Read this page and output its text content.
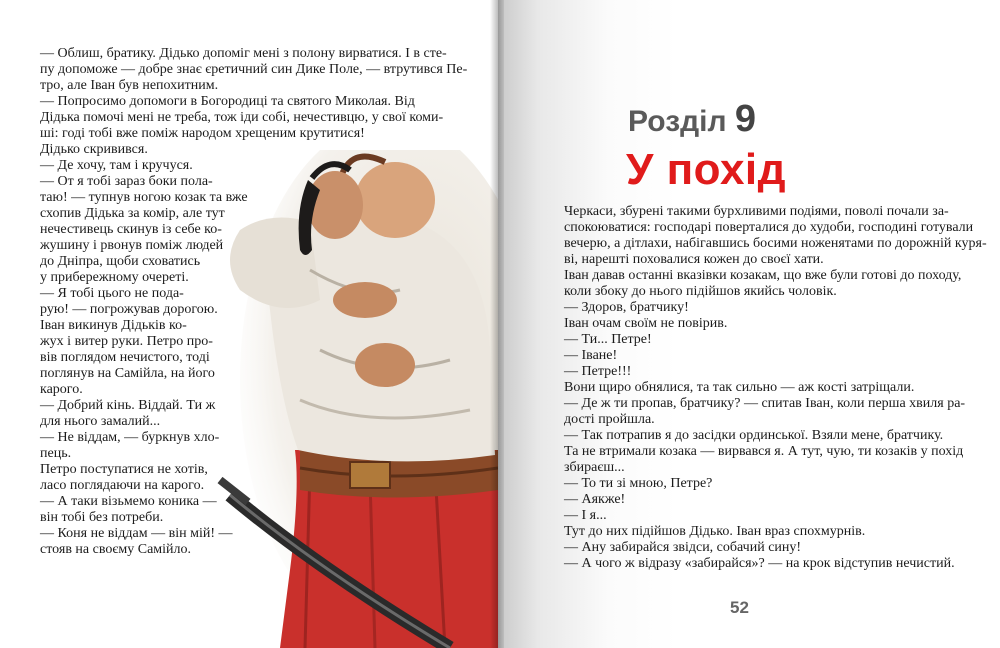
— Облиш, братику. Дідько допоміг мені з полону вирватися. І в сте-
пу допоможе — добре знає єретичний син Дике Поле, — втрутився Пе-
тро, але Іван був непохитним.
— Попросимо допомоги в Богородиці та святого Миколая. Від
Дідька помочі мені не треба, тож іди собі, нечестивцю, у свої коми-
ші: годі тобі вже поміж народом хрещеним крутитися!
Дідько скривився.
— Де хочу, там і кручуся.
— От я тобі зараз боки пола-
таю! — тупнув ногою козак та вже
схопив Дідька за комір, але тут
нечестивець скинув із себе ко-
жушину і рвонув поміж людей
до Дніпра, щоби сховатись
у прибережному очереті.
— Я тобі цього не пода-
рую! — погрожував дорогою.
Іван викинув Дідьків ко-
жух і витер руки. Петро про-
вів поглядом нечистого, тоді
поглянув на Самійла, на його
карого.
— Добрий кінь. Віддай. Ти ж
для нього замалий...
— Не віддам, — буркнув хло-
пець.
Петро поступатися не хотів,
ласо поглядаючи на карого.
— А таки візьмемо коника —
він тобі без потреби.
— Коня не віддам — він мій! —
стояв на своєму Самійло.
Розділ 9
У похід
Черкаси, збурені такими бурхливими подіями, поволі почали за-
спокоюватися: господарі поверталися до худоби, господині готували
вечерю, а дітлахи, набігавшись босими ноженятами по дорожній куря-
ві, нарешті поховалися кожен до своєї хати.
Іван давав останні вказівки козакам, що вже були готові до походу,
коли збоку до нього підійшов якийсь чоловік.
— Здоров, братчику!
Іван очам своїм не повірив.
— Ти... Петре!
— Іване!
— Петре!!!
Вони щиро обнялися, та так сильно — аж кості затріщали.
— Де ж ти пропав, братчику? — спитав Іван, коли перша хвиля ра-
дості пройшла.
— Так потрапив я до засідки ординської. Взяли мене, братчику.
Та не втримали козака — вирвався я. А тут, чую, ти козаків у похід
збираєш...
— То ти зі мною, Петре?
— Аякже!
— І я...
Тут до них підійшов Дідько. Іван враз спохмурнів.
— Ану забирайся звідси, собачий сину!
— А чого ж відразу «забирайся»? — на крок відступив нечистий.
52
